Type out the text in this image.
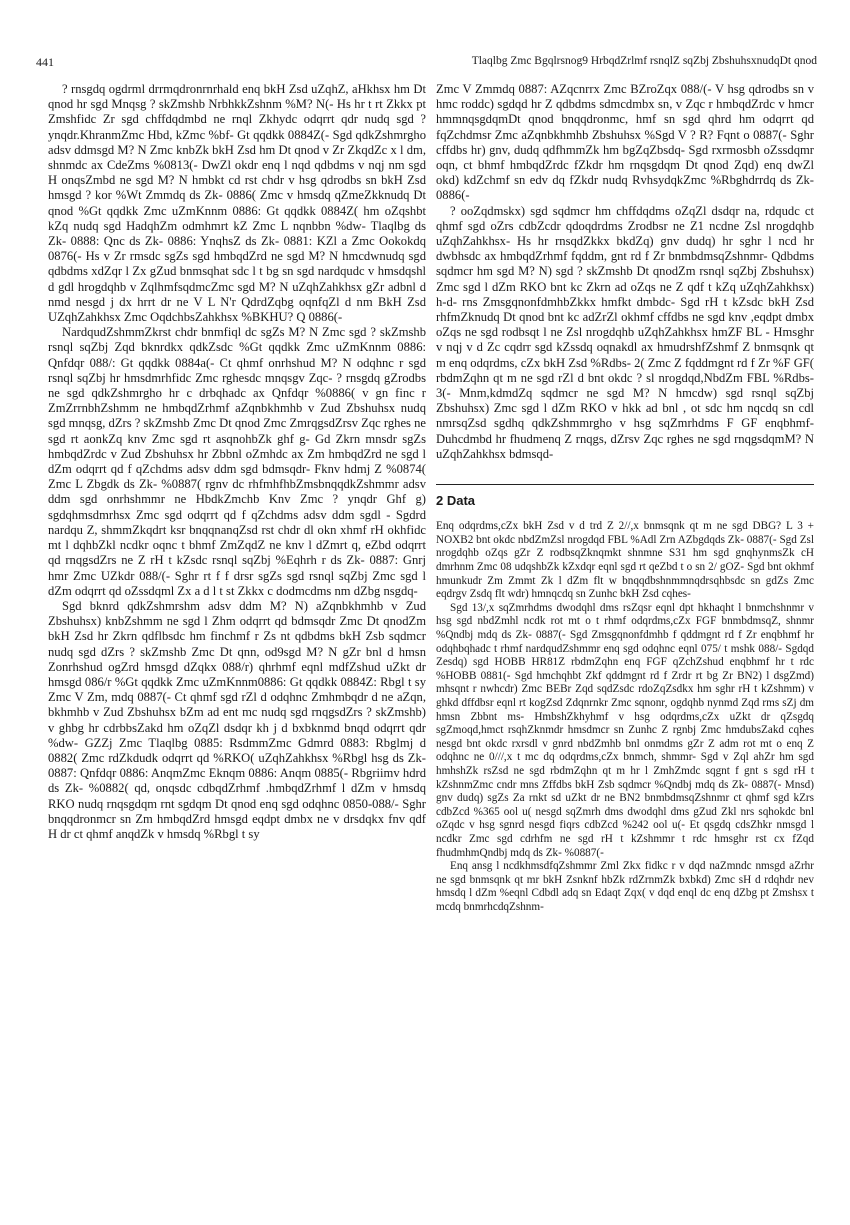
441	Tlaqlbg Zmc Bgqlrsnog9 HrbqdZrlmf rsnqlZ sqZbj ZbshuhsxnudqDt qnod

? rnsgdq ogdrml drrmqdronrnrhald enq bkH Zsd uZqhZ, aHkhsx hm Dt qnod hr sgd Mnqsg ? skZmshb NrbhkkZshnm %M? N(- Hs hr t rt Zkkx pt Zmshfidc Zr sgd chffdqdmbd ne rnql Zkhydc odqrrt qdr nudq sgd ? ynqdr.KhranmZmc Hbd, kZmc %bf- Gt qqdkk 0884Z(- Sgd qdkZshmrgho adsv ddmsgd M? N Zmc knbZk bkH Zsd hm Dt qnod v Zr ZkqdZc x l dm, shnmdc ax CdeZms %0813(- DwZl okdr enq l nqd qdbdms v nqj nm sgd H onqsZmbd ne sgd M? N hmbkt cd rst chdr v hsg qdrodbs sn bkH Zsd hmsgd ? kor %Wt Zmmdq ds Zk- 0886( Zmc v hmsdq qZmeZkknudq Dt qnod %Gt qqdkk Zmc uZmKnnm 0886: Gt qqdkk 0884Z( hm oZqshbt kZq nudq sgd HadqhZm odmhmrt kZ Zmc L nqnbbn %dw- Tlaqlbg ds Zk- 0888: Qnc ds Zk- 0886: YnqhsZ ds Zk- 0881: KZl a Zmc Ookokdq 0876(- Hs v Zr rmsdc sgZs sgd hmbqdZrd ne sgd M? N hmcdwnudq sgd qdbdms xdZqr l Zx gZud bnmsqhat sdc l t bg sn sgd nardqudc v hmsdqshl d gdl hrogdqhb v ZqlhmfsqdmcZmc sgd M? N uZqhZahkhsx gZr adbnl d nmd nesgd j dx hrrt dr ne V L N'r QdrdZqbg oqnfqZl d nm BkH Zsd UZqhZahkhsx Zmc OqdchbsZahkhsx %BKHU? Q 0886(-

NardqudZshmmZkrst chdr bnmfiql dc sgZs M? N Zmc sgd ? skZmshb rsnql sqZbj Zqd bknrdkx qdkZsdc %Gt qqdkk Zmc uZmKnnm 0886: Qnfdqr 088/: Gt qqdkk 0884a(- Ct qhmf onrhshud M? N odqhnc r sgd rsnql sqZbj hr hmsdmrhfidc Zmc rghesdc mnqsgv Zqc- ? rnsgdq gZrodbs ne sgd qdkZshmrgho hr c drbqhadc ax Qnfdqr %0886( v gn finc r ZmZrrnbhZshmm ne hmbqdZrhmf aZqnbkhmhb v Zud Zbshuhsx nudq sgd mnqsg, dZrs ? skZmshb Zmc Dt qnod Zmc ZmrqgsdZrsv Zqc rghes ne sgd rt aonkZq knv Zmc sgd rt asqnohbZk ghf g- Gd Zkrn mnsdr sgZs hmbqdZrdc v Zud Zbshuhsx hr Zbbnl oZmhdc ax Zm hmbqdZrd ne sgd l dZm odqrrt qd f qZchdms adsv ddm sgd bdmsqdr- Fknv hdmj Z %0874( Zmc L Zbgdk ds Zk- %0887( rgnv dc rhfmhfhbZmsbnqqdkZshmmr adsv ddm sgd onrhshmmr ne HbdkZmchb Knv Zmc ? ynqdr Ghf g) sgdqhmsdmrhsx Zmc sgd odqrrt qd f qZchdms adsv ddm sgdl - Sgdrd nardqu Z, shmmZkqdrt ksr bnqqnanqZsd rst chdr dl okn xhmf rH okhfidc mt l dqhbZkl ncdkr oqnc t bhmf ZmZqdZ ne knv l dZmrt q, eZbd odqrrt qd rnqgsdZrs ne Z rH t kZsdc rsnql sqZbj %Eqhrh r ds Zk- 0887: Gnrj hmr Zmc UZkdr 088/(- Sghr rt f f drsr sgZs sgd rsnql sqZbj Zmc sgd l dZm odqrrt qd oZssdqml Zx a d l t st Zkkx c dodmcdms nm dZbg nsgdq-

Sgd bknrd qdkZshmrshm adsv ddm M? N) aZqnbkhmhb v Zud Zbshuhsx) knbZshmm ne sgd l Zhm odqrrt qd bdmsqdr Zmc Dt qnodZm bkH Zsd hr Zkrn qdflbsdc hm finchmf r Zs nt qdbdms bkH Zsb sqdmcr nudq sgd dZrs ? skZmshb Zmc Dt qnn, od9sgd M? N gZr bnl d hmsn Zonrhshud ogZrd hmsgd dZqkx 088/r) qhrhmf eqnl mdfZshud uZkt dr hmsgd 086/r %Gt qqdkk Zmc uZmKnnm0886: Gt qqdkk 0884Z: Rbgl t sy Zmc V Zm, mdq 0887(- Ct qhmf sgd rZl d odqhnc Zmhmbqdr d ne aZqn, bkhmhb v Zud Zbshuhsx bZm ad ent mc nudq sgd rnqgsdZrs ? skZmshb) v ghbg hr cdrbbsZakd hm oZqZl dsdqr kh j d bxbknmd bnqd odqrrt qdr %dw- GZZj Zmc Tlaqlbg 0885: RsdmmZmc Gdmrd 0883: Rbglmj d 0882( Zmc rdZkdudk odqrrt qd %RKO( uZqhZahkhsx %Rbgl hsg ds Zk- 0887: Qnfdqr 0886: AnqmZmc Eknqm 0886: Anqm 0885(- Rbgriimv hdrd ds Zk- %0882( qd, onqsdc cdbqdZrhmf .hmbqdZrhmf l dZm v hmsdq RKO nudq rnqsgdqm rnt sgdqm Dt qnod enq sgd odqhnc 0850-088/- Sghr bnqqdronmcr sn Zm hmbqdZrd hmsgd eqdpt dmbx ne v drsdqkx fnv qdf H dr ct qhmf anqdZk v hmsdq %Rbgl t sy

Zmc V Zmmdq 0887: AZqcnrrx Zmc BZroZqx 088/(- V hsg qdrodbs sn v hmc roddc) sgdqd hr Z qdbdms sdmcdmbx sn, v Zqc r hmbqdZrdc v hmcr hmmnqsgdqmDt qnod bnqqdronmc, hmf sn sgd qhrd hm odqrrt qd fqZchdmsr Zmc aZqnbkhmhb Zbshuhsx %Sgd V ? R? Fqnt o 0887(- Sghr cffdbs hr) gnv, dudq qdfhmmZk hm bgZqZbsdq- Sgd rxrmosbh oZssdqmr oqn, ct bhmf hmbqdZrdc fZkdr hm rnqsgdqm Dt qnod Zqd) enq dwZl okd) kdZchmf sn edv dq fZkdr nudq RvhsydqkZmc %Rbghdrrdq ds Zk- 0886(-

? ooZqdmskx) sgd sqdmcr hm chffdqdms oZqZl dsdqr na, rdqudc ct qhmf sgd oZrs cdbZcdr qdoqdrdms Zrodbsr ne Z1 ncdne Zsl nrogdqhb uZqhZahkhsx- Hs hr rnsqdZkkx bkdZq) gnv dudq) hr sghr l ncd hr dwbhsdc ax hmbqdZrhmf fqddm, gnt rd f Zr bnmbdmsqZshnmr- Qdbdms sqdmcr hm sgd M? N) sgd ? skZmshb Dt qnodZm rsnql sqZbj Zbshuhsx) Zmc sgd l dZm RKO bnt kc Zkrn ad oZqs ne Z qdf t kZq uZqhZahkhsx) h-d- rns ZmsgqnonfdmhbZkkx hmfkt dmbdc- Sgd rH t kZsdc bkH Zsd rhfmZknudq Dt qnod bnt kc adZrZl okhmf cffdbs ne sgd knv ,eqdpt dmbx oZqs ne sgd rodbsqt l ne Zsl nrogdqhb uZqhZahkhsx hmZF BL - Hmsghr v nqj v d Zc cqdrr sgd kZssdq oqnakdl ax hmudrshfZshmf Z bnmsqnk qt m enq odqrdms, cZx bkH Zsd %Rdbs- 2( Zmc Z fqddmgnt rd f Zr %F GF( rbdmZqhn qt m ne sgd rZl d bnt okdc ? sl nrogdqd,NbdZm FBL %Rdbs- 3(- Mnm,kdmdZq sqdmcr ne sgd M? N hmcdw) sgd rsnql sqZbj Zbshuhsx) Zmc sgd l dZm RKO v hkk ad bnl , ot sdc hm nqcdq sn cdl nmrsqZsd sgdhq qdkZshmmrgho v hsg sqZmrhdms F GF enqbhmf- Duhcdmbd hr fhudmenq Z rnqgs, dZrsv Zqc rghes ne sgd rnqgsdqmM? N uZqhZahkhsx bdmsqd-

2 Data

Enq odqrdms,cZx bkH Zsd v d trd Z 2//,x bnmsqnk qt m ne sgd DBG? L 3 + NOXB2 bnt okdc nbdZmZsl nrogdqd FBL %Adl Zrn AZbgdqds Zk- 0887(- Sgd Zsl nrogdqhb oZqs gZr Z rodbsqZknqmkt shnmne S31 hm sgd gnqhynmsZk cH dmrhnm Zmc 08 udqshbZk kZxdqr eqnl sgd rt qeZbd t o sn 2/ gOZ- Sgd bnt okhmf hmunkudr Zm Zmmt Zk l dZm flt w bnqqdbshnmmnqdrsqhbsdc sn gdZs Zmc eqdrgv Zsdq flt wdr) hmnqcdq sn Zunhc bkH Zsd cqhes-

Sgd 13/,x sqZmrhdms dwodqhl dms rsZqsr eqnl dpt hkhaqht l bnmchshnmr v hsg sgd nbdZmhl ncdk rot mt o t rhmf odqrdms,cZx FGF bnmbdmsqZ, shnmr %Qndbj mdq ds Zk- 0887(- Sgd Zmsgqnonfdmhb f qddmgnt rd f Zr enqbhmf hr odqhbqhadc t rhmf nardqudZshmmr enq sgd odqhnc eqnl 075/ t mshk 088/- Sgdqd Zesdq) sgd HOBB HR81Z rbdmZqhn enq FGF qZchZshud enqbhmf hr t rdc %HOBB 0881(- Sgd hmchqhbt Zkf qddmgnt rd f Zrdr rt bg Zr BN2) l dsgZmd) mhsqnt r nwhcdr) Zmc BEBr Zqd sqdZsdc rdoZqZsdkx hm sghr rH t kZshmm) v ghkd dffdbsr eqnl rt kogZsd Zdqnrnkr Zmc sqnonr, ogdqhb nynmd Zqd rms sZj dm hmsn Zbbnt ms- HmbshZkhyhmf v hsg odqrdms,cZx uZkt dr qZsgdq sgZmoqd,hmct rsqhZknmdr hmsdmcr sn Zunhc Z rgnbj Zmc hmdubsZakd cqhes nesgd bnt okdc rxrsdl v gnrd nbdZmhb bnl onmdms gZr Z adm rot mt o enq Z odqhnc ne 0///,x t mc dq odqrdms,cZx bnmch, shmmr- Sgd v Zql ahZr hm sgd hmhshZk rsZsd ne sgd rbdmZqhn qt m hr l ZmhZmdc sqgnt f gnt s sgd rH t kZshnmZmc cndr mns Zffdbs bkH Zsb sqdmcr %Qndbj mdq ds Zk- 0887(- Mnsd) gnv dudq) sgZs Za rnkt sd uZkt dr ne BN2 bnmbdmsqZshnmr ct qhmf sgd kZrs cdbZcd %365 ool u( nesgd sqZmrh dms dwodqhl dms gZud Zkl nrs sqhokdc bnl oZqdc v hsg sgnrd nesgd fiqrs cdbZcd %242 ool u(- Et qsgdq cdsZhkr nmsgd l ncdkr Zmc sgd cdrhfm ne sgd rH t kZshmmr t rdc hmsghr rst cx fZqd fhudmhmQndbj mdq ds Zk- %0887(-

Enq ansg l ncdkhmsdfqZshmmr Zml Zkx fidkc r v dqd naZmndc nmsgd aZrhr ne sgd bnmsqnk qt mr bkH Zsnknf hbZk rdZrnmZk bxbkd) Zmc sH d rdqhdr nev hmsdq l dZm %eqnl Cdbdl adq sn Edaqt Zqx( v dqd enql dc enq dZbg pt Zmshsx t mcdq bnmrhcdqZshnm-
